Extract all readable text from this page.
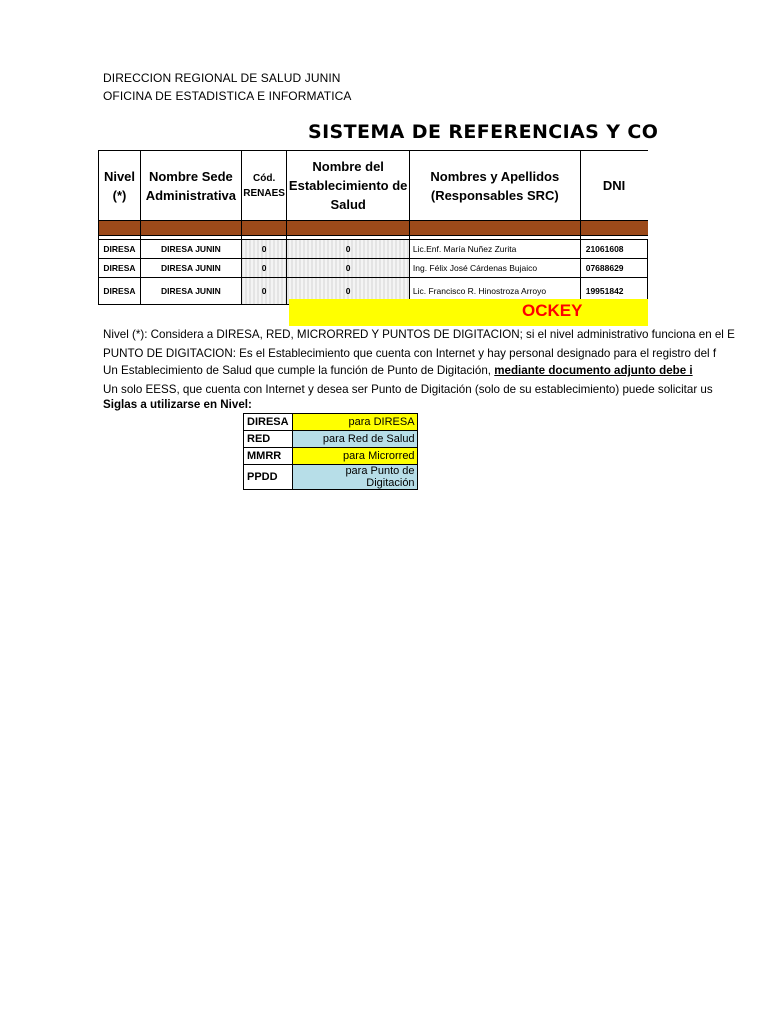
DIRECCION REGIONAL DE SALUD JUNIN
OFICINA DE ESTADISTICA E INFORMATICA
SISTEMA DE REFERENCIAS Y CO
Nivel (*)	Nombre Sede Administrativa	Cód. RENAES	Nombre del Establecimiento de Salud	Nombres y Apellidos (Responsables SRC)	DNI

DIRESA	DIRESA JUNIN	0	0	Lic.Enf. María Nuñez Zurita	21061608
DIRESA	DIRESA JUNIN	0	0	Ing. Félix José Cárdenas Bujaico	07688629
DIRESA	DIRESA JUNIN	0	0	Lic. Francisco R. Hinostroza Arroyo	19951842
OCKEY
Nivel (*): Considera a DIRESA, RED, MICRORRED Y PUNTOS DE DIGITACION; si el nivel administrativo funciona en el E
PUNTO DE DIGITACION: Es el Establecimiento que cuenta con Internet y hay personal designado para el registro del f
Un Establecimiento de Salud que cumple la función de Punto de Digitación, mediante documento adjunto debe i
Un solo EESS, que cuenta con Internet y desea ser Punto de Digitación (solo de su establecimiento) puede solicitar us
Siglas a utilizarse en Nivel:
DIRESA	para DIRESA
RED	para Red de Salud
MMRR	para Microrred
PPDD	para Punto de Digitación
